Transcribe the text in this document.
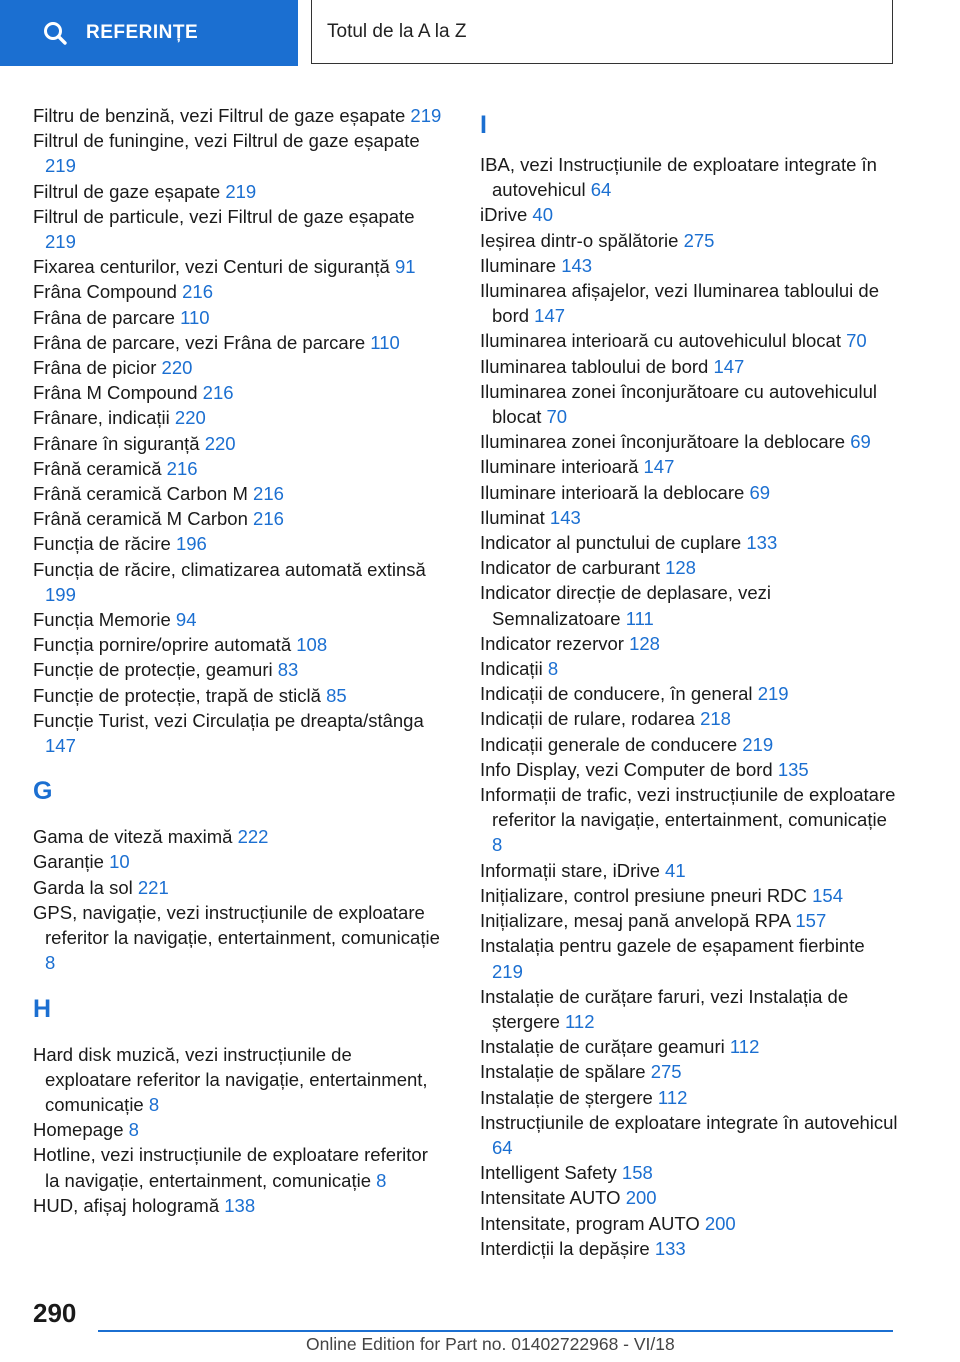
REFERINȚE	Totul de la A la Z
Filtru de benzină, vezi Filtrul de gaze eșapate 219
Filtrul de funingine, vezi Filtrul de gaze eșapate 219
Filtrul de gaze eșapate 219
Filtrul de particule, vezi Filtrul de gaze eșapate 219
Fixarea centurilor, vezi Centuri de siguranță 91
Frâna Compound 216
Frâna de parcare 110
Frâna de parcare, vezi Frâna de parcare 110
Frâna de picior 220
Frâna M Compound 216
Frânare, indicații 220
Frânare în siguranță 220
Frână ceramică 216
Frână ceramică Carbon M 216
Frână ceramică M Carbon 216
Funcția de răcire 196
Funcția de răcire, climatizarea automată extinsă 199
Funcția Memorie 94
Funcția pornire/oprire automată 108
Funcție de protecție, geamuri 83
Funcție de protecție, trapă de sticlă 85
Funcție Turist, vezi Circulația pe dreapta/stânga 147
G
Gama de viteză maximă 222
Garanție 10
Garda la sol 221
GPS, navigație, vezi instrucțiunile de exploatare referitor la navigație, entertainment, comunicație 8
H
Hard disk muzică, vezi instrucțiunile de exploatare referitor la navigație, entertainment, comunicație 8
Homepage 8
Hotline, vezi instrucțiunile de exploatare referitor la navigație, entertainment, comunicație 8
HUD, afișaj hologramă 138
I
IBA, vezi Instrucțiunile de exploatare integrate în autovehicul 64
iDrive 40
Ieșirea dintr-o spălătorie 275
Iluminare 143
Iluminarea afișajelor, vezi Iluminarea tabloului de bord 147
Iluminarea interioară cu autovehiculul blocat 70
Iluminarea tabloului de bord 147
Iluminarea zonei înconjurătoare cu autovehiculul blocat 70
Iluminarea zonei înconjurătoare la deblocare 69
Iluminare interioară 147
Iluminare interioară la deblocare 69
Iluminat 143
Indicator al punctului de cuplare 133
Indicator de carburant 128
Indicator direcție de deplasare, vezi Semnalizatoare 111
Indicator rezervor 128
Indicații 8
Indicații de conducere, în general 219
Indicații de rulare, rodarea 218
Indicații generale de conducere 219
Info Display, vezi Computer de bord 135
Informații de trafic, vezi instrucțiunile de exploatare referitor la navigație, entertainment, comunicație 8
Informații stare, iDrive 41
Inițializare, control presiune pneuri RDC 154
Inițializare, mesaj pană anvelopă RPA 157
Instalația pentru gazele de eșapament fierbinte 219
Instalație de curățare faruri, vezi Instalația de ștergere 112
Instalație de curățare geamuri 112
Instalație de spălare 275
Instalație de ștergere 112
Instrucțiunile de exploatare integrate în autovehicul 64
Intelligent Safety 158
Intensitate AUTO 200
Intensitate, program AUTO 200
Interdicții la depășire 133
290
Online Edition for Part no. 01402722968 - VI/18
